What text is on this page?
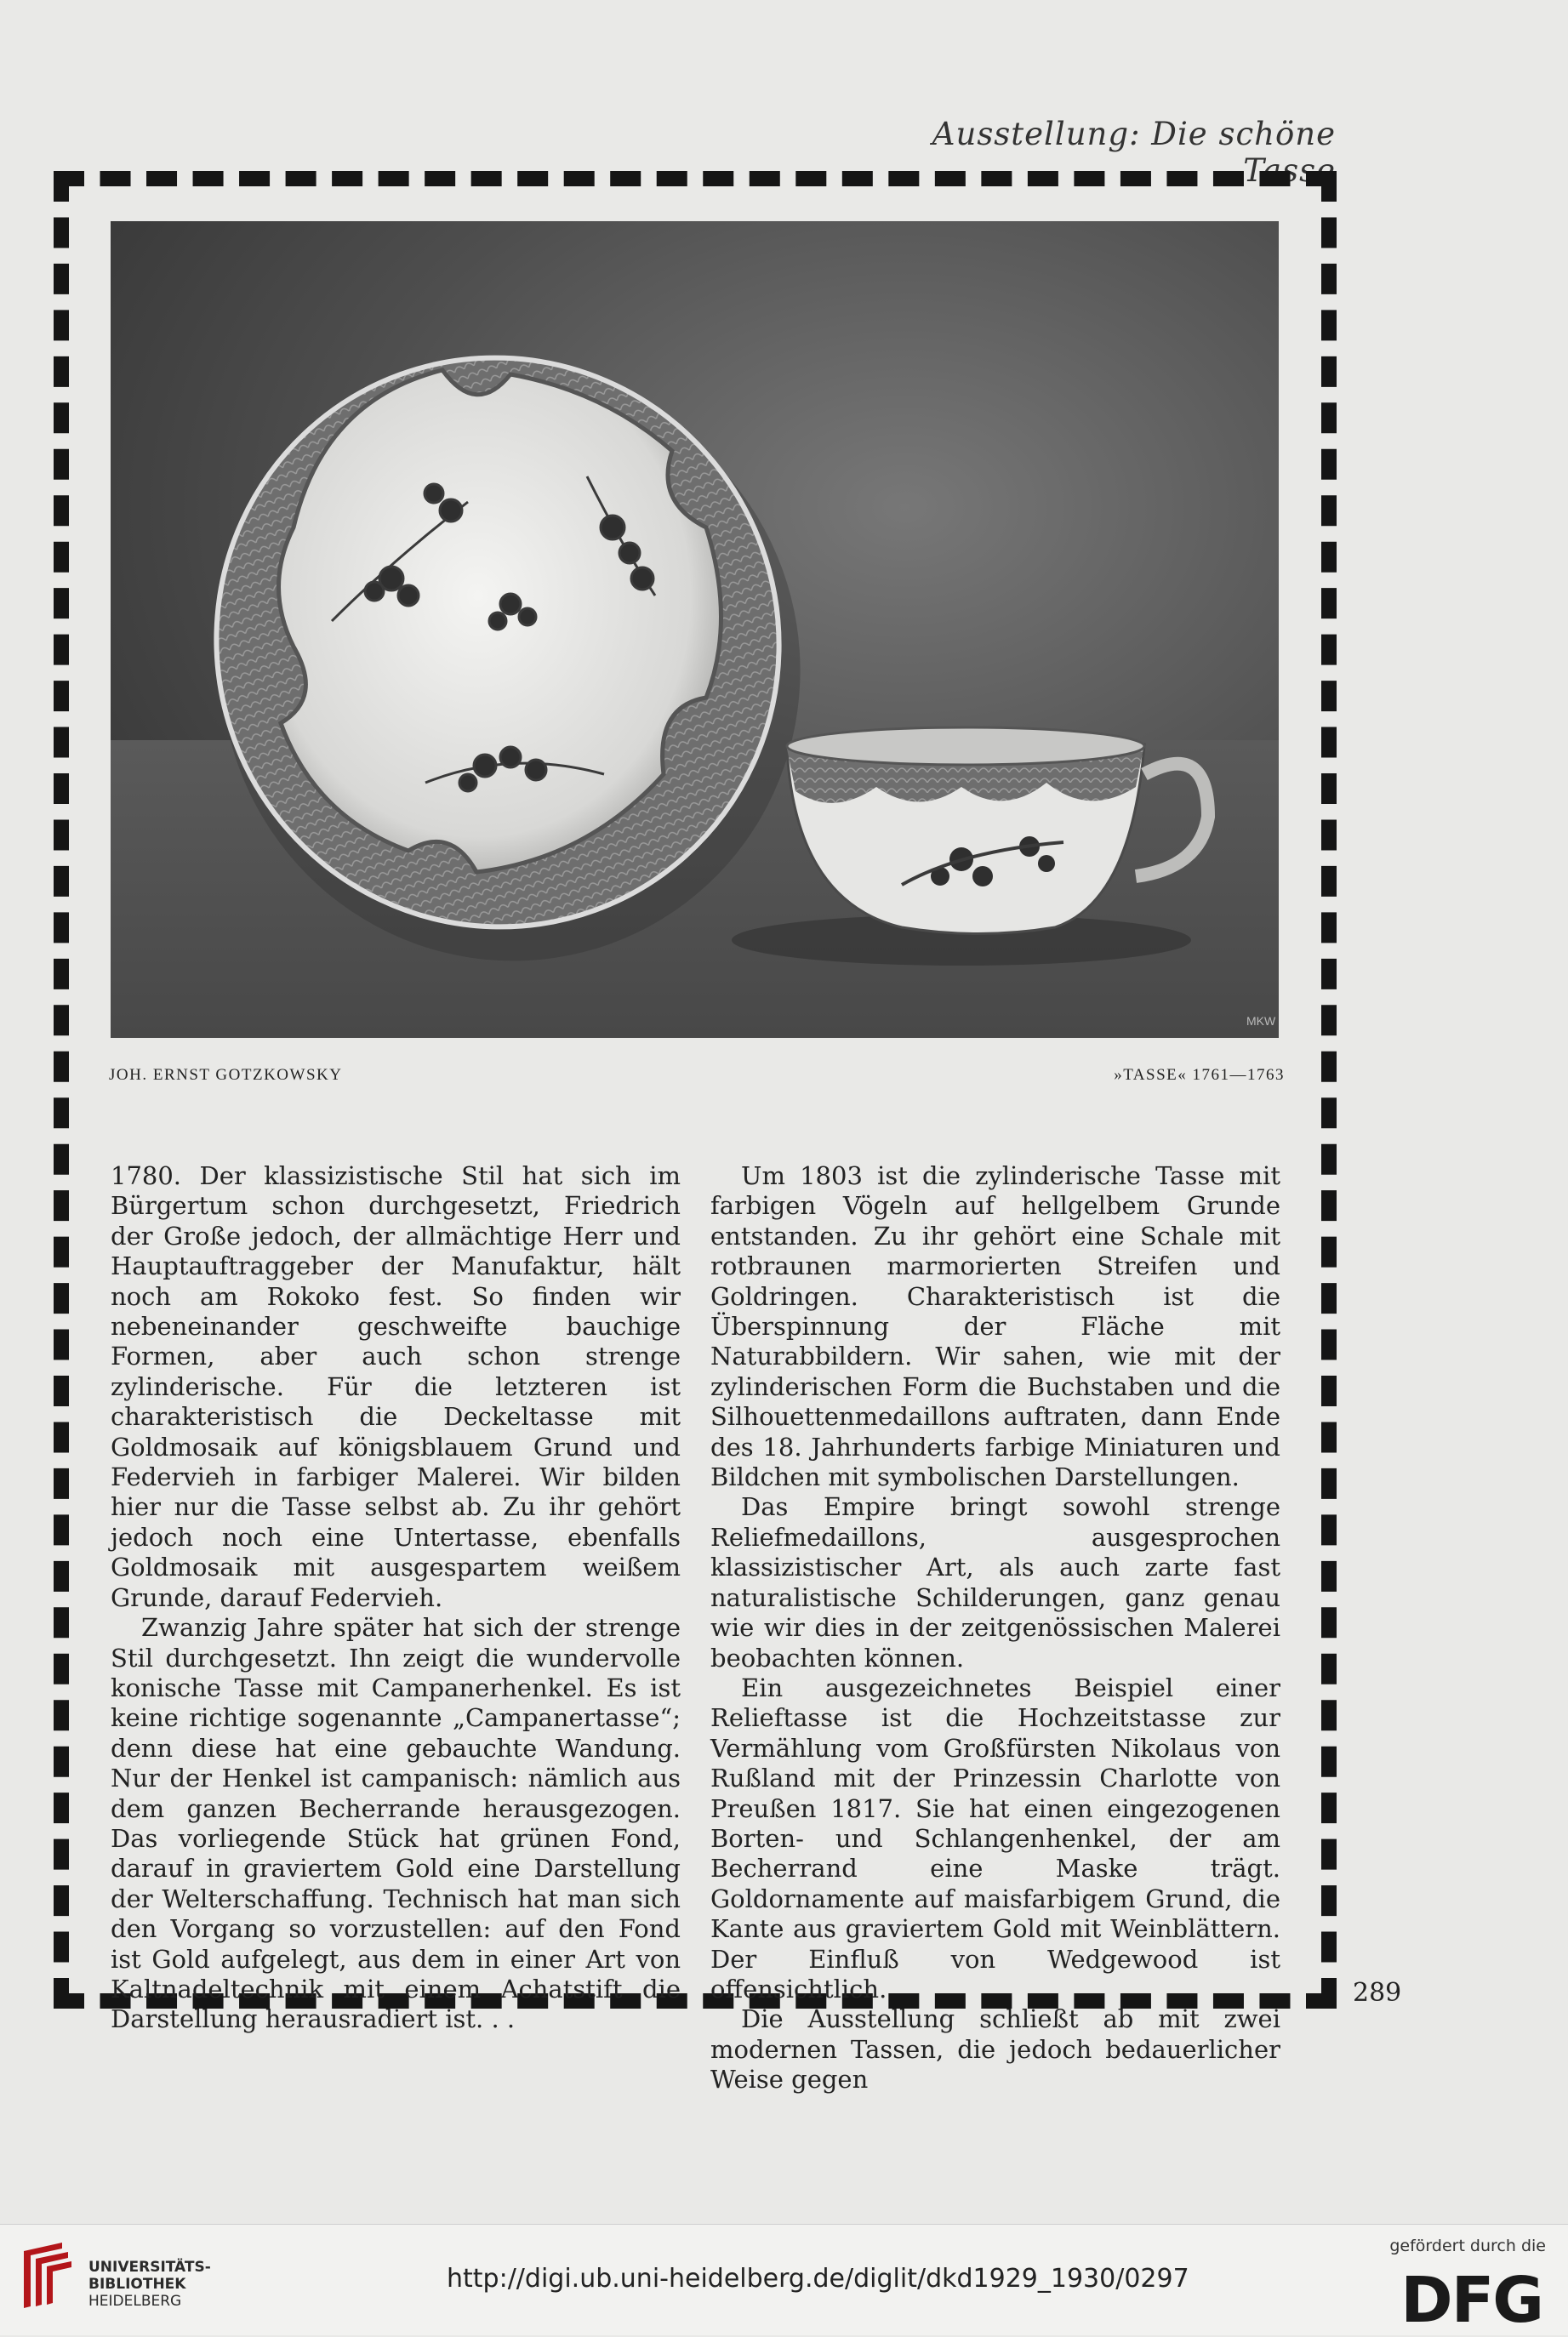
Ausstellung: Die schöne Tasse
MKW
JOH. ERNST GOTZKOWSKY	»TASSE« 1761—1763

1780. Der klassizistische Stil hat sich im Bürgertum schon durchgesetzt, Friedrich der Große jedoch, der allmächtige Herr und Hauptauftraggeber der Manufaktur, hält noch am Rokoko fest. So finden wir nebeneinander geschweifte bauchige Formen, aber auch schon strenge zylinderische. Für die letzteren ist charakteristisch die Deckeltasse mit Goldmosaik auf königsblauem Grund und Federvieh in farbiger Malerei. Wir bilden hier nur die Tasse selbst ab. Zu ihr gehört jedoch noch eine Untertasse, ebenfalls Goldmosaik mit ausgespartem weißem Grunde, darauf Federvieh.

Zwanzig Jahre später hat sich der strenge Stil durchgesetzt. Ihn zeigt die wundervolle konische Tasse mit Campanerhenkel. Es ist keine richtige sogenannte „Campanertasse“; denn diese hat eine gebauchte Wandung. Nur der Henkel ist campanisch: nämlich aus dem ganzen Becherrande herausgezogen. Das vorliegende Stück hat grünen Fond, darauf in graviertem Gold eine Darstellung der Welterschaffung. Technisch hat man sich den Vorgang so vorzustellen: auf den Fond ist Gold aufgelegt, aus dem in einer Art von Kaltnadeltechnik mit einem Achatstift die Darstellung herausradiert ist. . .

Um 1803 ist die zylinderische Tasse mit farbigen Vögeln auf hellgelbem Grunde entstanden. Zu ihr gehört eine Schale mit rotbraunen marmorierten Streifen und Goldringen. Charakteristisch ist die Überspinnung der Fläche mit Naturabbildern. Wir sahen, wie mit der zylinderischen Form die Buchstaben und die Silhouettenmedaillons auftraten, dann Ende des 18. Jahrhunderts farbige Miniaturen und Bildchen mit symbolischen Darstellungen.

Das Empire bringt sowohl strenge Reliefmedaillons, ausgesprochen klassizistischer Art, als auch zarte fast naturalistische Schilderungen, ganz genau wie wir dies in der zeitgenössischen Malerei beobachten können.

Ein ausgezeichnetes Beispiel einer Relieftasse ist die Hochzeitstasse zur Vermählung vom Großfürsten Nikolaus von Rußland mit der Prinzessin Charlotte von Preußen 1817. Sie hat einen eingezogenen Borten- und Schlangenhenkel, der am Becherrand eine Maske trägt. Goldornamente auf maisfarbigem Grund, die Kante aus graviertem Gold mit Weinblättern. Der Einfluß von Wedgewood ist offensichtlich.

Die Ausstellung schließt ab mit zwei modernen Tassen, die jedoch bedauerlicher Weise gegen

289
UNIVERSITÄTS-
BIBLIOTHEK
HEIDELBERG
http://digi.ub.uni-heidelberg.de/diglit/dkd1929_1930/0297
gefördert durch die
DFG
